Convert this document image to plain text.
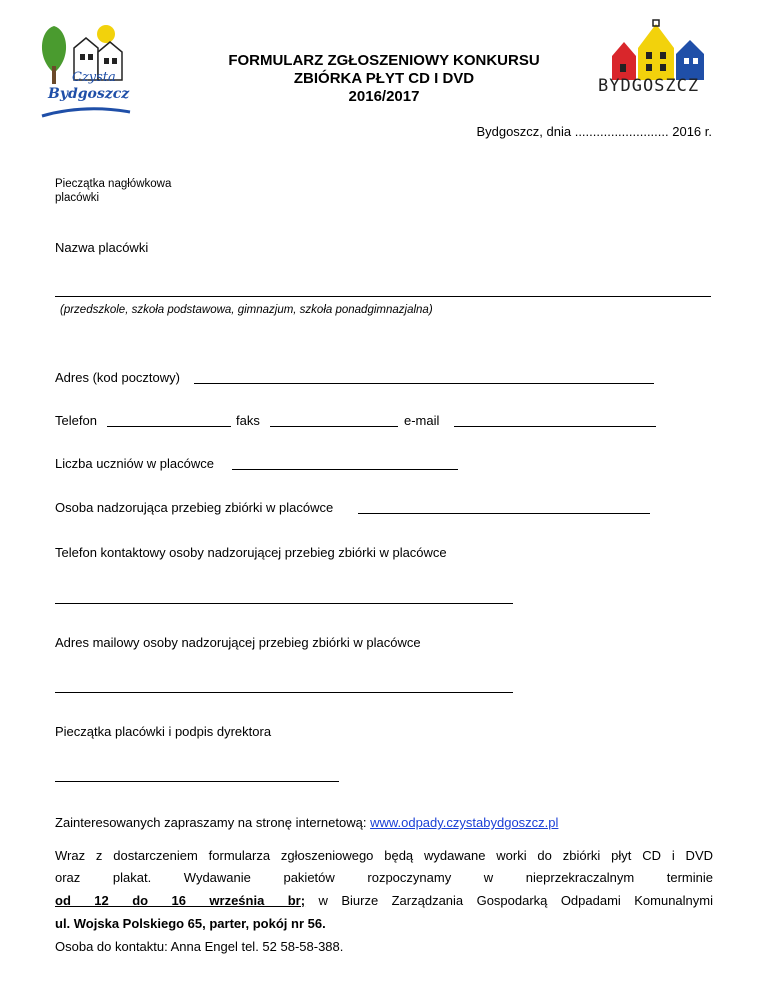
Czysta
Bydgoszcz
FORMULARZ ZGŁOSZENIOWY KONKURSU
ZBIÓRKA PŁYT CD I DVD
2016/2017
BYDGOSZCZ
Bydgoszcz, dnia .......................... 2016 r.
Pieczątka nagłówkowa
placówki
Nazwa placówki
(przedszkole, szkoła podstawowa, gimnazjum, szkoła ponadgimnazjalna)
Adres (kod pocztowy)
Telefon	faks	e-mail
Liczba uczniów w placówce
Osoba nadzorująca przebieg zbiórki w placówce
Telefon kontaktowy osoby nadzorującej przebieg zbiórki w placówce
Adres mailowy osoby nadzorującej przebieg zbiórki w placówce
Pieczątka placówki i podpis dyrektora
Zainteresowanych zapraszamy na stronę internetową: www.odpady.czystabydgoszcz.pl
Wraz z dostarczeniem formularza zgłoszeniowego będą wydawane worki do zbiórki płyt CD i DVD
oraz plakat. Wydawanie pakietów rozpoczynamy w nieprzekraczalnym terminie
od 12 do 16 września br; w Biurze Zarządzania Gospodarką Odpadami Komunalnymi
ul. Wojska Polskiego 65, parter, pokój nr 56.
Osoba do kontaktu: Anna Engel tel. 52 58-58-388.
